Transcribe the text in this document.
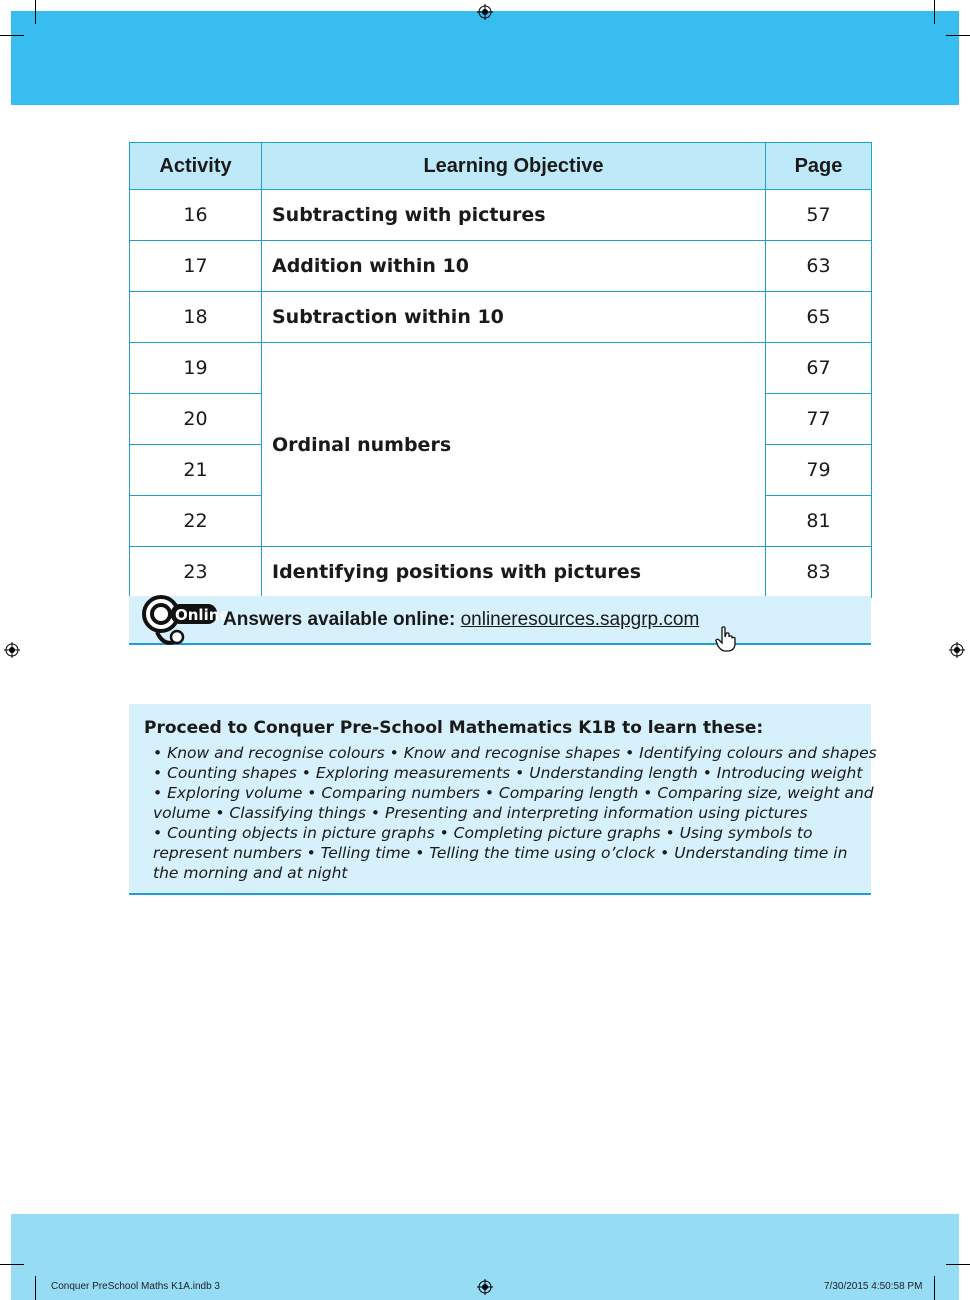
Activity	Learning Objective	Page
16	Subtracting with pictures	57
17	Addition within 10	63
18	Subtraction within 10	65
19	Ordinal numbers	67
20		77
21		79
22		81
23	Identifying positions with pictures	83
Online
Answers available online: onlineresources.sapgrp.com
Proceed to Conquer Pre-School Mathematics K1B to learn these:
• Know and recognise colours • Know and recognise shapes • Identifying colours and shapes
• Counting shapes • Exploring measurements • Understanding length • Introducing weight
• Exploring volume • Comparing numbers • Comparing length • Comparing size, weight and
volume • Classifying things • Presenting and interpreting information using pictures
• Counting objects in picture graphs • Completing picture graphs • Using symbols to
represent numbers • Telling time • Telling the time using o’clock • Understanding time in
the morning and at night
Conquer PreSchool Maths K1A.indb 3	7/30/2015 4:50:58 PM
